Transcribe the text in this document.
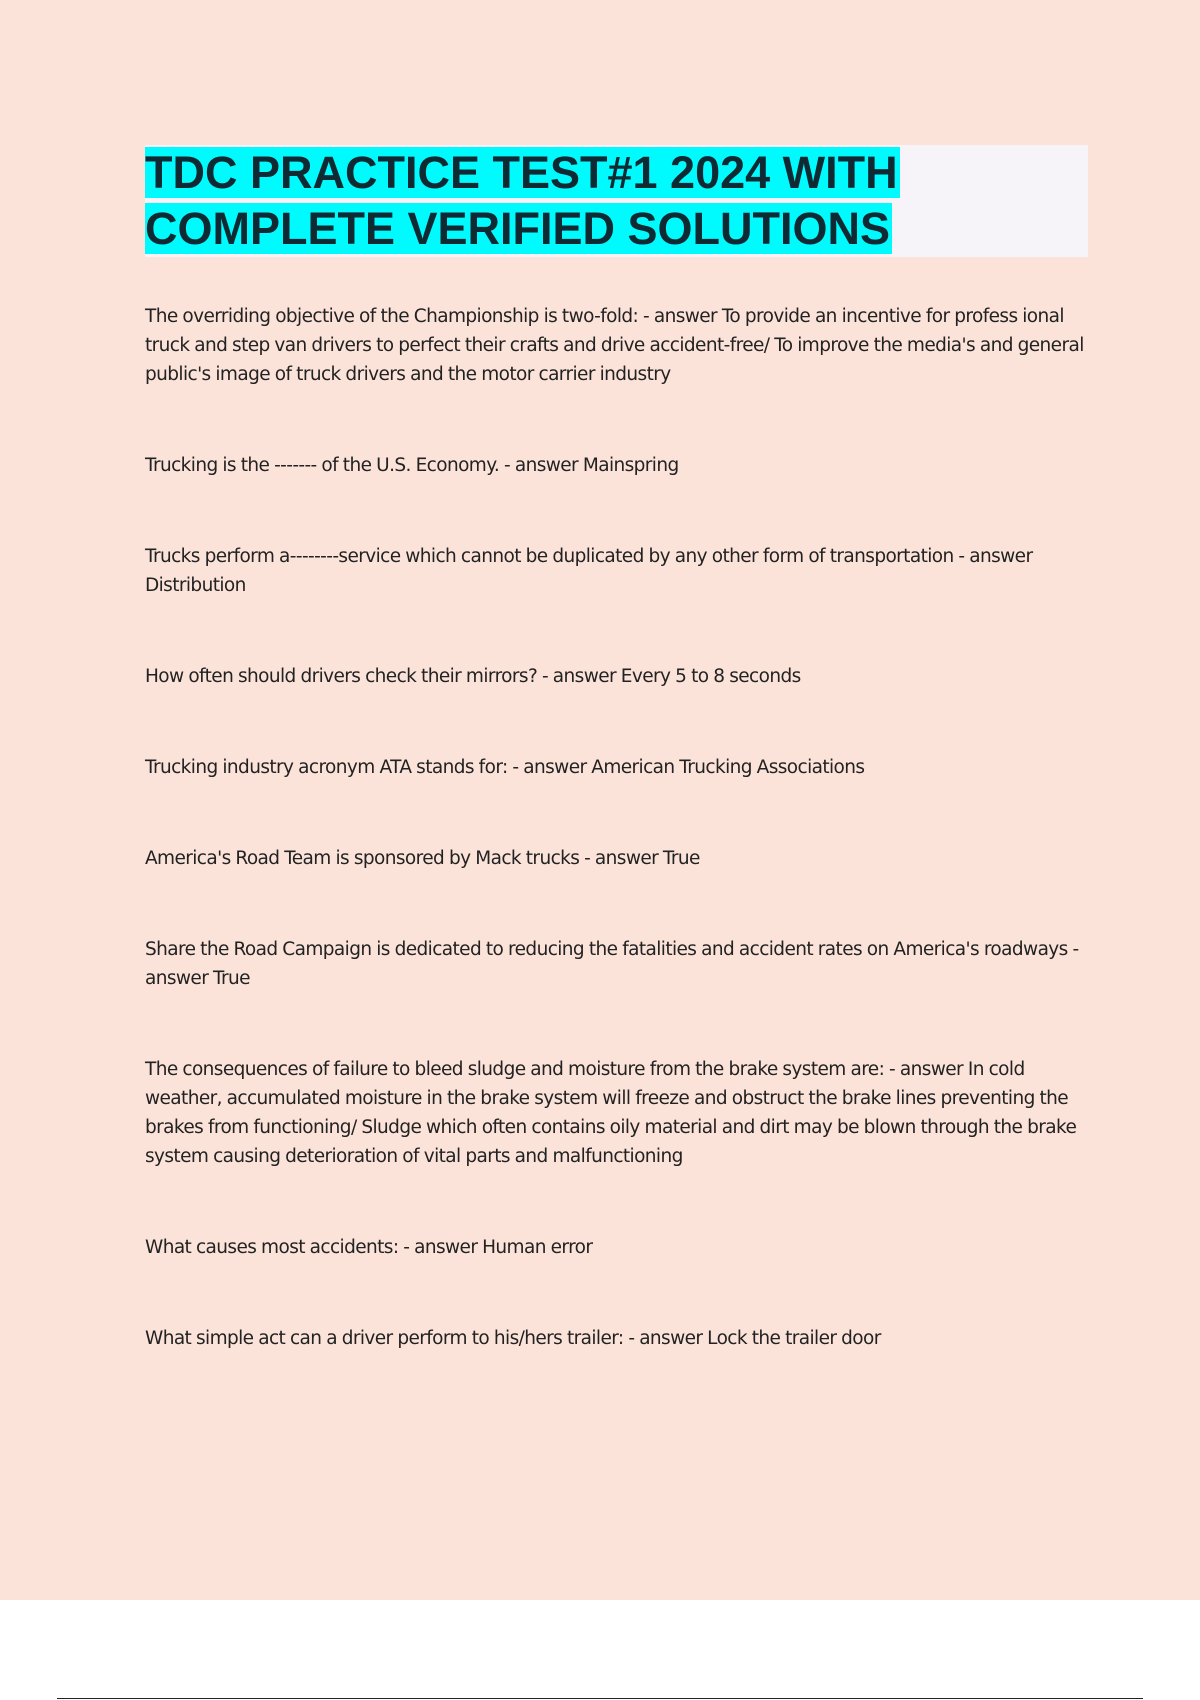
TDC PRACTICE TEST#1 2024 WITH COMPLETE VERIFIED SOLUTIONS
The overriding objective of the Championship is two-fold: - answer To provide an incentive for profess ional truck and step van drivers to perfect their crafts and drive accident-free/ To improve the media's and general public's image of truck drivers and the motor carrier industry
Trucking is the ------- of the U.S. Economy. - answer Mainspring
Trucks perform a--------service which cannot be duplicated by any other form of transportation - answer Distribution
How often should drivers check their mirrors? - answer Every 5 to 8 seconds
Trucking industry acronym ATA stands for: - answer American Trucking Associations
America's Road Team is sponsored by Mack trucks - answer True
Share the Road Campaign is dedicated to reducing the fatalities and accident rates on America's roadways - answer True
The consequences of failure to bleed sludge and moisture from the brake system are: - answer In cold weather, accumulated moisture in the brake system will freeze and obstruct the brake lines preventing the brakes from functioning/ Sludge which often contains oily material and dirt may be blown through the brake system causing deterioration of vital parts and malfunctioning
What causes most accidents: - answer Human error
What simple act can a driver perform to his/hers trailer: - answer Lock the trailer door
